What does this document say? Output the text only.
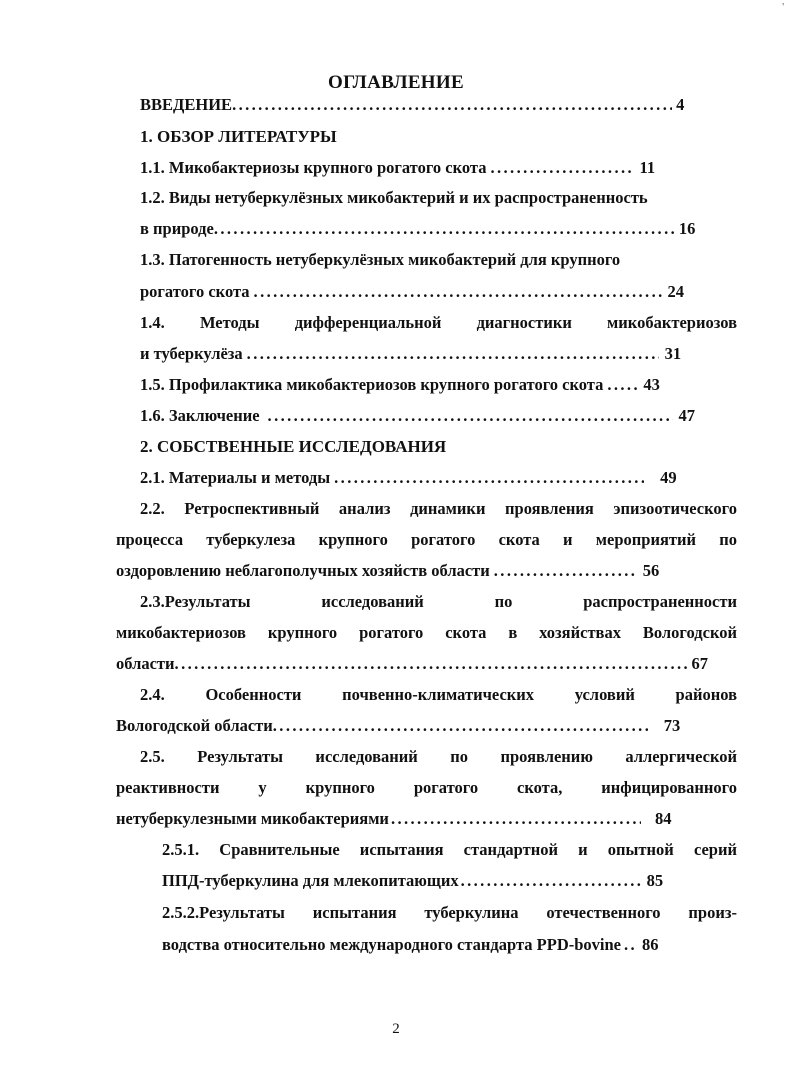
'
ОГЛАВЛЕНИЕ
ВВЕДЕНИЕ .....	4
1. ОБЗОР ЛИТЕРАТУРЫ
1.1. Микобактериозы крупного рогатого скота .....	11
1.2. Виды нетуберкулёзных микобактерий и их распространенность
в природе .....	16
1.3. Патогенность нетуберкулёзных микобактерий для крупного
рогатого скота .....	24
1.4. Методы дифференциальной диагностики микобактериозов
и туберкулёза .....	31
1.5. Профилактика микобактериозов крупного рогатого скота ..... 43
1.6. Заключение .....	47
2. СОБСТВЕННЫЕ ИССЛЕДОВАНИЯ
2.1. Материалы и методы .....	49
2.2. Ретроспективный анализ динамики проявления эпизоотического
процесса туберкулеза крупного рогатого скота и мероприятий по
оздоровлению неблагополучных хозяйств области .....	56
2.3.Результаты исследований по распространенности
микобактериозов крупного рогатого скота в хозяйствах Вологодской
области .....	67
2.4. Особенности почвенно-климатических условий районов
Вологодской области .....	73
2.5. Результаты исследований по проявлению аллергической
реактивности у крупного рогатого скота, инфицированного
нетуберкулезными микобактериями .....	84
2.5.1. Сравнительные испытания стандартной и опытной серий
ППД-туберкулина для млекопитающих .....	85
2.5.2.Результаты испытания туберкулина отечественного произ-
водства относительно международного стандарта PPD-bovine ..... 86
2
